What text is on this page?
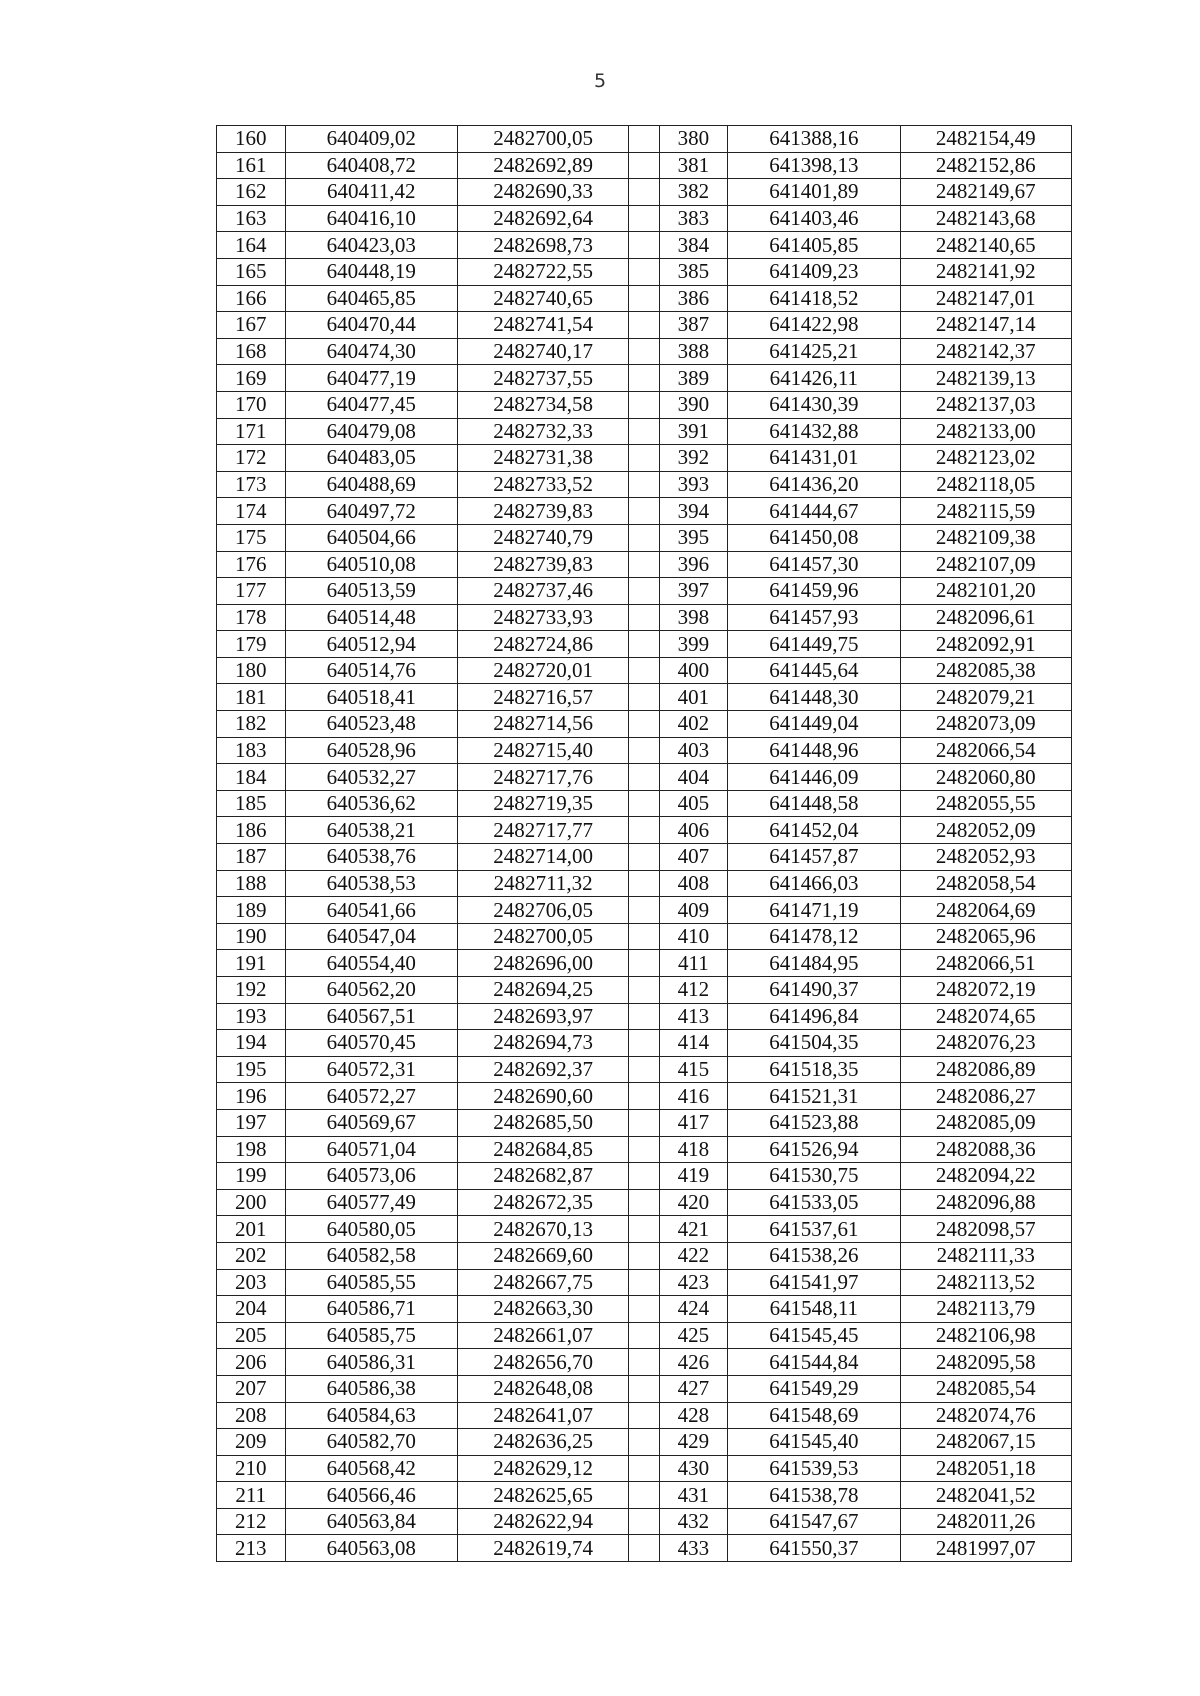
5
160	640409,02	2482700,05		380	641388,16	2482154,49
161	640408,72	2482692,89		381	641398,13	2482152,86
162	640411,42	2482690,33		382	641401,89	2482149,67
163	640416,10	2482692,64		383	641403,46	2482143,68
164	640423,03	2482698,73		384	641405,85	2482140,65
165	640448,19	2482722,55		385	641409,23	2482141,92
166	640465,85	2482740,65		386	641418,52	2482147,01
167	640470,44	2482741,54		387	641422,98	2482147,14
168	640474,30	2482740,17		388	641425,21	2482142,37
169	640477,19	2482737,55		389	641426,11	2482139,13
170	640477,45	2482734,58		390	641430,39	2482137,03
171	640479,08	2482732,33		391	641432,88	2482133,00
172	640483,05	2482731,38		392	641431,01	2482123,02
173	640488,69	2482733,52		393	641436,20	2482118,05
174	640497,72	2482739,83		394	641444,67	2482115,59
175	640504,66	2482740,79		395	641450,08	2482109,38
176	640510,08	2482739,83		396	641457,30	2482107,09
177	640513,59	2482737,46		397	641459,96	2482101,20
178	640514,48	2482733,93		398	641457,93	2482096,61
179	640512,94	2482724,86		399	641449,75	2482092,91
180	640514,76	2482720,01		400	641445,64	2482085,38
181	640518,41	2482716,57		401	641448,30	2482079,21
182	640523,48	2482714,56		402	641449,04	2482073,09
183	640528,96	2482715,40		403	641448,96	2482066,54
184	640532,27	2482717,76		404	641446,09	2482060,80
185	640536,62	2482719,35		405	641448,58	2482055,55
186	640538,21	2482717,77		406	641452,04	2482052,09
187	640538,76	2482714,00		407	641457,87	2482052,93
188	640538,53	2482711,32		408	641466,03	2482058,54
189	640541,66	2482706,05		409	641471,19	2482064,69
190	640547,04	2482700,05		410	641478,12	2482065,96
191	640554,40	2482696,00		411	641484,95	2482066,51
192	640562,20	2482694,25		412	641490,37	2482072,19
193	640567,51	2482693,97		413	641496,84	2482074,65
194	640570,45	2482694,73		414	641504,35	2482076,23
195	640572,31	2482692,37		415	641518,35	2482086,89
196	640572,27	2482690,60		416	641521,31	2482086,27
197	640569,67	2482685,50		417	641523,88	2482085,09
198	640571,04	2482684,85		418	641526,94	2482088,36
199	640573,06	2482682,87		419	641530,75	2482094,22
200	640577,49	2482672,35		420	641533,05	2482096,88
201	640580,05	2482670,13		421	641537,61	2482098,57
202	640582,58	2482669,60		422	641538,26	2482111,33
203	640585,55	2482667,75		423	641541,97	2482113,52
204	640586,71	2482663,30		424	641548,11	2482113,79
205	640585,75	2482661,07		425	641545,45	2482106,98
206	640586,31	2482656,70		426	641544,84	2482095,58
207	640586,38	2482648,08		427	641549,29	2482085,54
208	640584,63	2482641,07		428	641548,69	2482074,76
209	640582,70	2482636,25		429	641545,40	2482067,15
210	640568,42	2482629,12		430	641539,53	2482051,18
211	640566,46	2482625,65		431	641538,78	2482041,52
212	640563,84	2482622,94		432	641547,67	2482011,26
213	640563,08	2482619,74		433	641550,37	2481997,07
